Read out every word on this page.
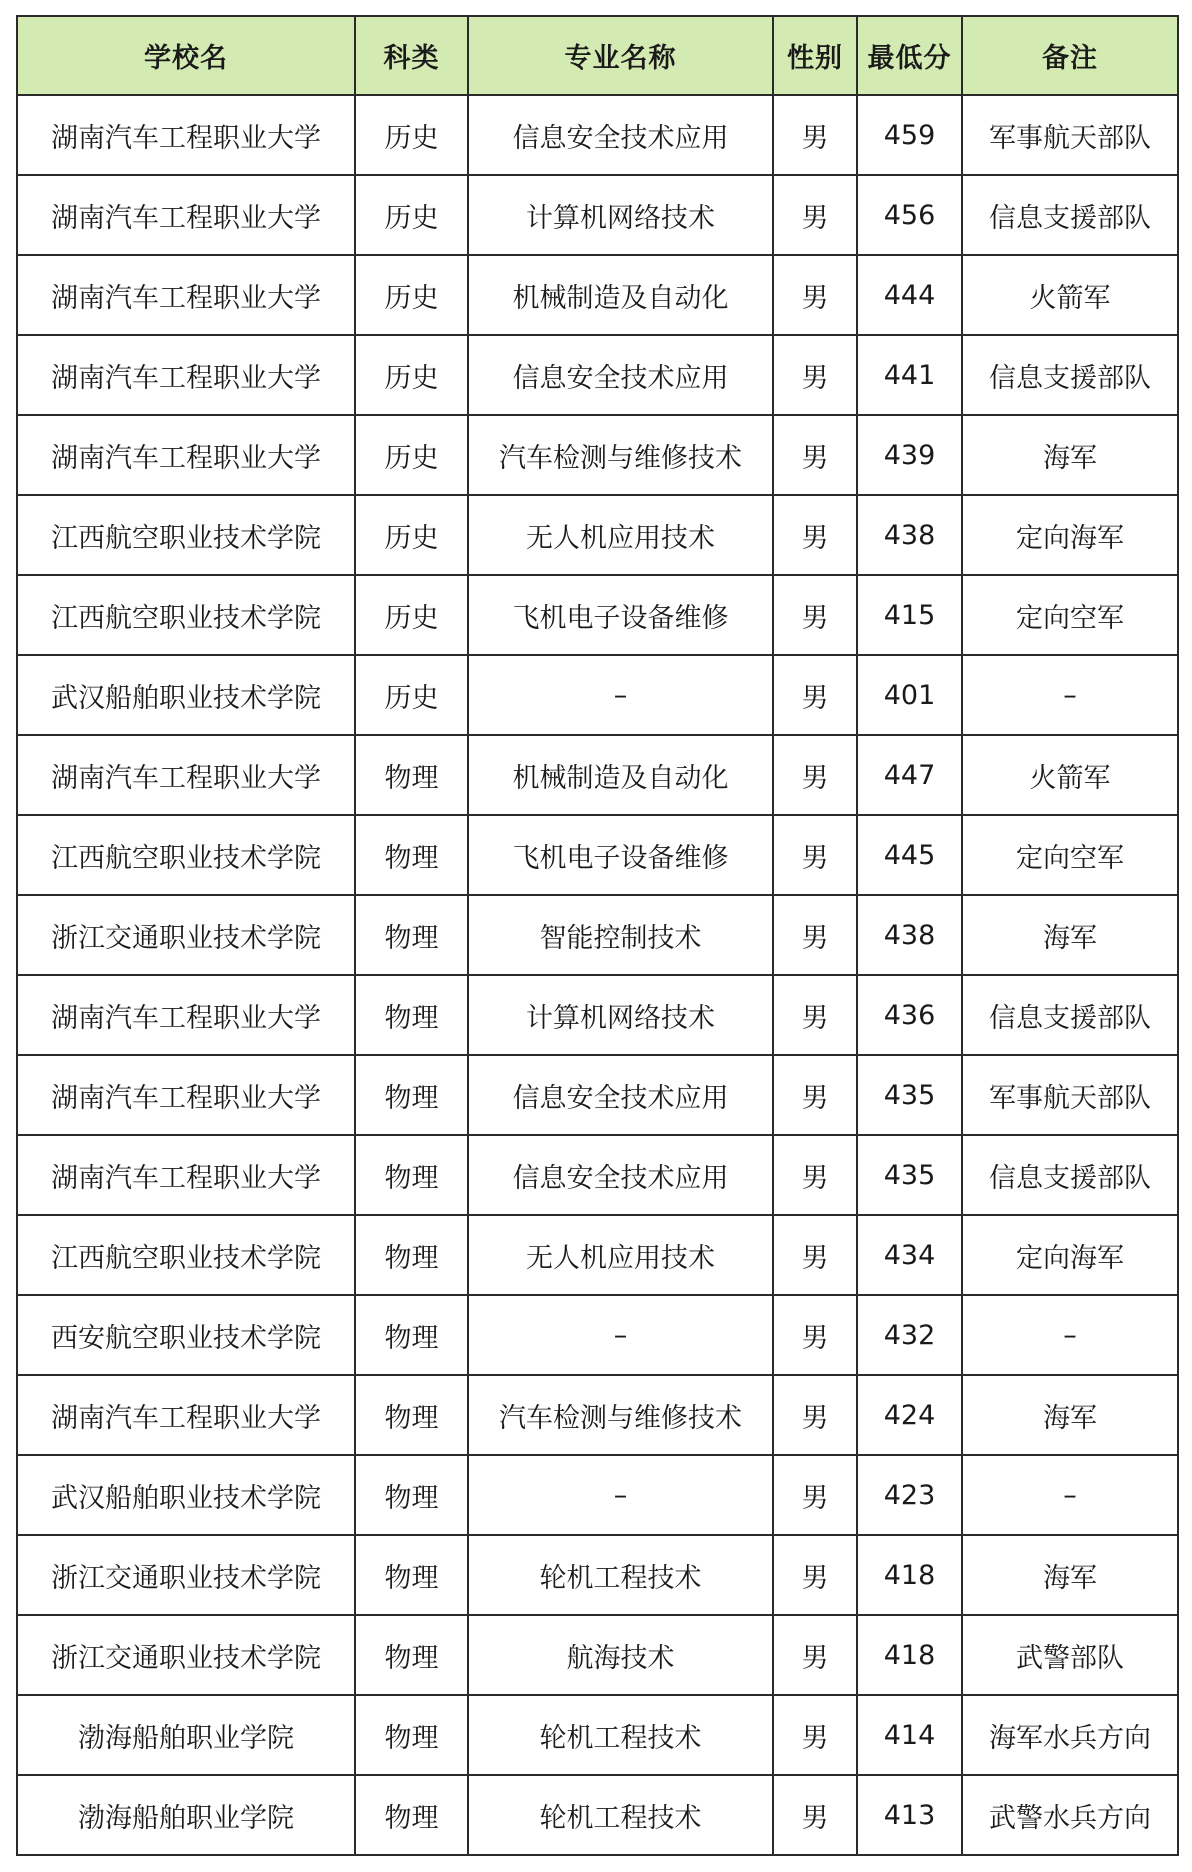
学校名	科类	专业名称	性别	最低分	备注
湖南汽车工程职业大学	历史	信息安全技术应用	男	459	军事航天部队
湖南汽车工程职业大学	历史	计算机网络技术	男	456	信息支援部队
湖南汽车工程职业大学	历史	机械制造及自动化	男	444	火箭军
湖南汽车工程职业大学	历史	信息安全技术应用	男	441	信息支援部队
湖南汽车工程职业大学	历史	汽车检测与维修技术	男	439	海军
江西航空职业技术学院	历史	无人机应用技术	男	438	定向海军
江西航空职业技术学院	历史	飞机电子设备维修	男	415	定向空军
武汉船舶职业技术学院	历史	–	男	401	–
湖南汽车工程职业大学	物理	机械制造及自动化	男	447	火箭军
江西航空职业技术学院	物理	飞机电子设备维修	男	445	定向空军
浙江交通职业技术学院	物理	智能控制技术	男	438	海军
湖南汽车工程职业大学	物理	计算机网络技术	男	436	信息支援部队
湖南汽车工程职业大学	物理	信息安全技术应用	男	435	军事航天部队
湖南汽车工程职业大学	物理	信息安全技术应用	男	435	信息支援部队
江西航空职业技术学院	物理	无人机应用技术	男	434	定向海军
西安航空职业技术学院	物理	–	男	432	–
湖南汽车工程职业大学	物理	汽车检测与维修技术	男	424	海军
武汉船舶职业技术学院	物理	–	男	423	–
浙江交通职业技术学院	物理	轮机工程技术	男	418	海军
浙江交通职业技术学院	物理	航海技术	男	418	武警部队
渤海船舶职业学院	物理	轮机工程技术	男	414	海军水兵方向
渤海船舶职业学院	物理	轮机工程技术	男	413	武警水兵方向
